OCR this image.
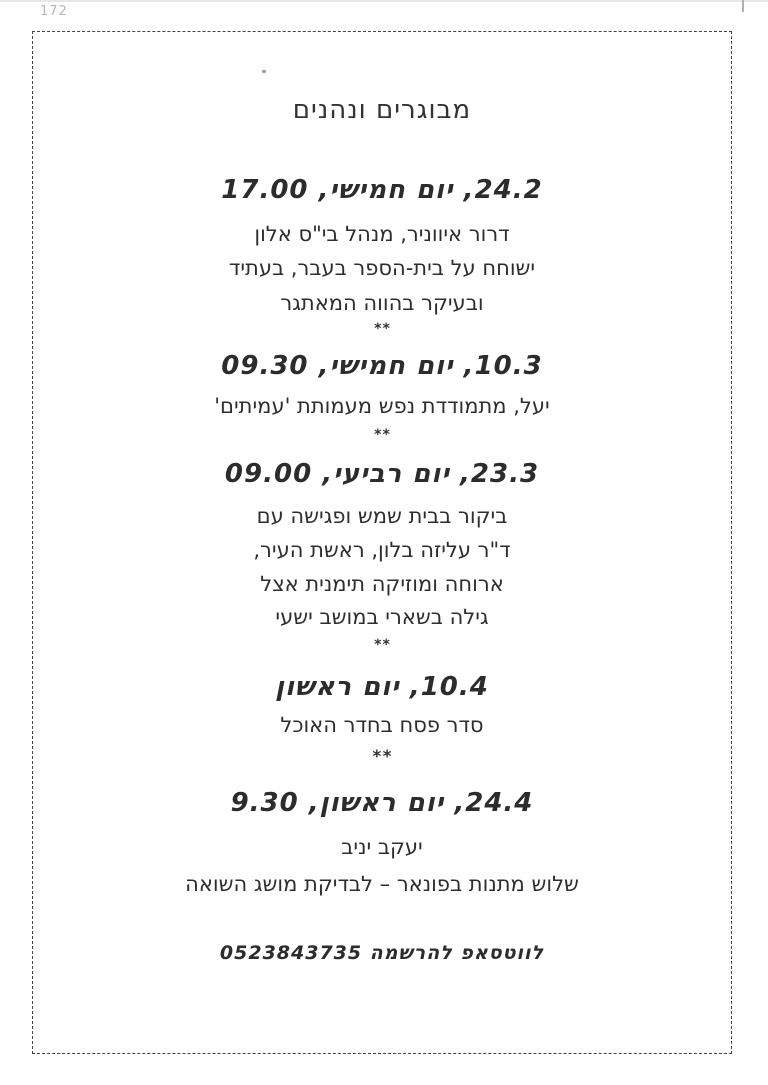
172
מבוגרים ונהנים
24.2, יום חמישי, 17.00
דרור איווניר, מנהל בי"ס אלון
ישוחח על בית-הספר בעבר, בעתיד
ובעיקר בהווה המאתגר
**
10.3, יום חמישי, 09.30
יעל, מתמודדת נפש מעמותת 'עמיתים'
**
23.3, יום רביעי, 09.00
ביקור בבית שמש ופגישה עם
ד"ר עליזה בלון, ראשת העיר,
ארוחה ומוזיקה תימנית אצל
גילה בשארי במושב ישעי
**
10.4, יום ראשון
סדר פסח בחדר האוכל
**
24.4, יום ראשון, 9.30
יעקב יניב
שלוש מתנות בפונאר – לבדיקת מושג השואה
לווטסאפ להרשמה 0523843735
